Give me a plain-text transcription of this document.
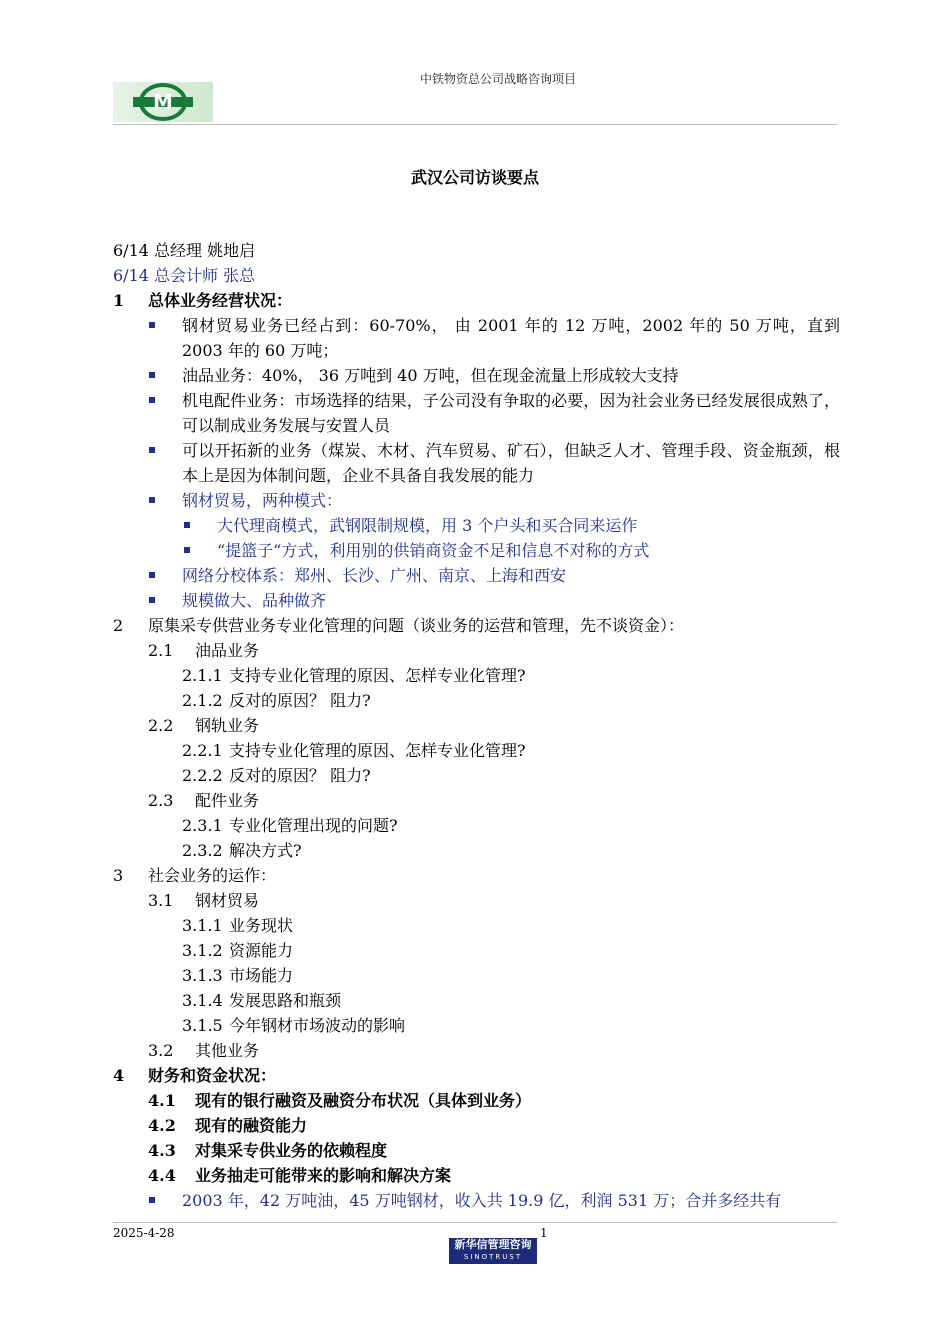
中铁物资总公司战略咨询项目
M
武汉公司访谈要点
6/14 总经理 姚地启
6/14 总会计师 张总
1 总体业务经营状况：
钢材贸易业务已经占到：60-70%， 由 2001 年的 12 万吨，2002 年的 50 万吨，直到 2003 年的 60 万吨；
油品业务：40%， 36 万吨到 40 万吨，但在现金流量上形成较大支持
机电配件业务：市场选择的结果，子公司没有争取的必要，因为社会业务已经发展很成熟了，可以制成业务发展与安置人员
可以开拓新的业务（煤炭、木材、汽车贸易、矿石），但缺乏人才、管理手段、资金瓶颈，根本上是因为体制问题，企业不具备自我发展的能力
钢材贸易，两种模式：
大代理商模式，武钢限制规模，用 3 个户头和买合同来运作
“提篮子“方式，利用别的供销商资金不足和信息不对称的方式
网络分校体系：郑州、长沙、广州、南京、上海和西安
规模做大、品种做齐
2 原集采专供营业务专业化管理的问题（谈业务的运营和管理，先不谈资金）：
2.1 油品业务
2.1.1 支持专业化管理的原因、怎样专业化管理?
2.1.2 反对的原因？ 阻力?
2.2 钢轨业务
2.2.1 支持专业化管理的原因、怎样专业化管理?
2.2.2 反对的原因？ 阻力?
2.3 配件业务
2.3.1 专业化管理出现的问题?
2.3.2 解决方式?
3 社会业务的运作：
3.1 钢材贸易
3.1.1 业务现状
3.1.2 资源能力
3.1.3 市场能力
3.1.4 发展思路和瓶颈
3.1.5 今年钢材市场波动的影响
3.2 其他业务
4 财务和资金状况：
4.1 现有的银行融资及融资分布状况（具体到业务）
4.2 现有的融资能力
4.3 对集采专供业务的依赖程度
4.4 业务抽走可能带来的影响和解决方案
2003 年，42 万吨油，45 万吨钢材，收入共 19.9 亿，利润 531 万；合并多经共有
2025-4-28	1
新华信管理咨询
SINOTRUST
